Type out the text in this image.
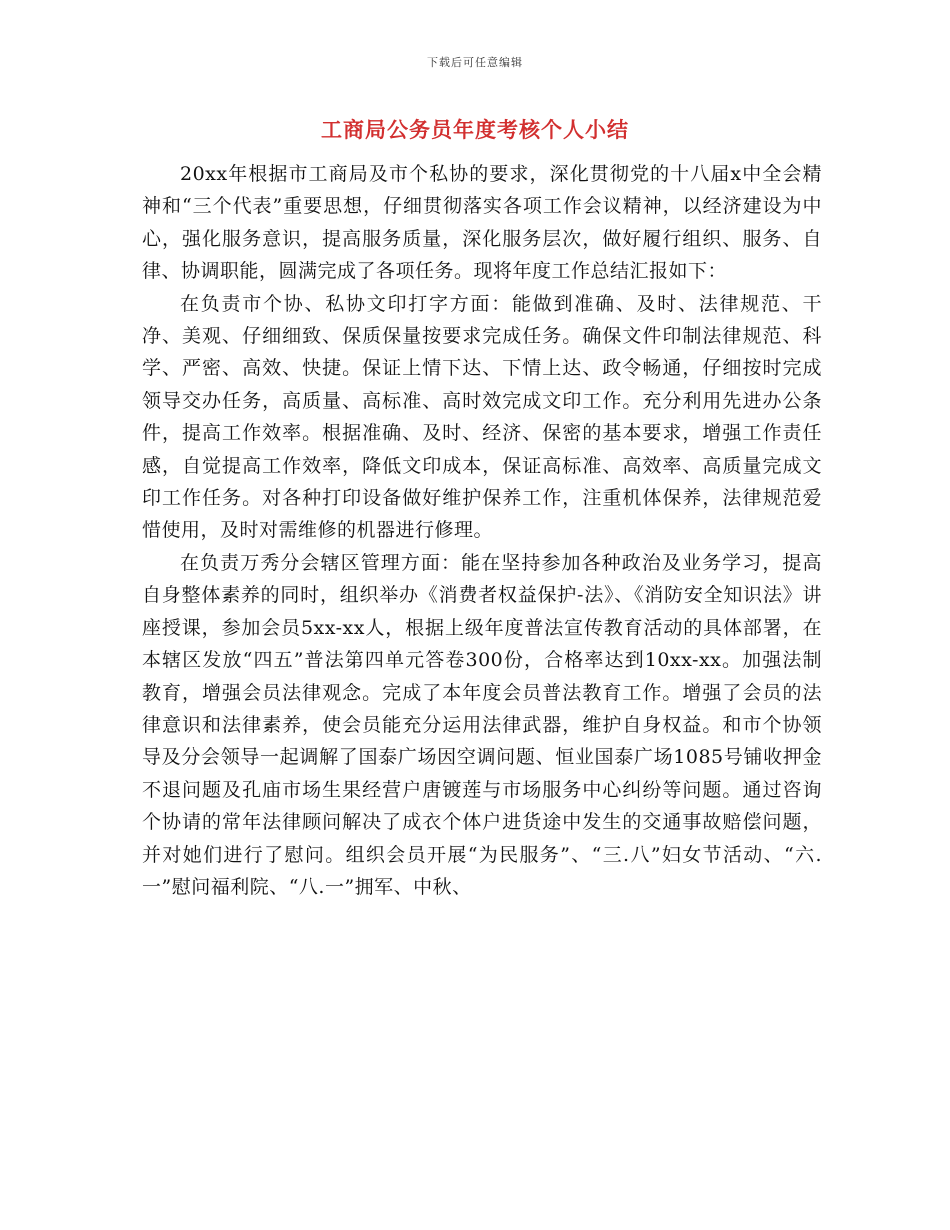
下载后可任意编辑
工商局公务员年度考核个人小结

20xx年根据市工商局及市个私协的要求，深化贯彻党的十八届x中全会精神和“三个代表”重要思想，仔细贯彻落实各项工作会议精神，以经济建设为中心，强化服务意识，提高服务质量，深化服务层次，做好履行组织、服务、自律、协调职能，圆满完成了各项任务。现将年度工作总结汇报如下：

在负责市个协、私协文印打字方面：能做到准确、及时、法律规范、干净、美观、仔细细致、保质保量按要求完成任务。确保文件印制法律规范、科学、严密、高效、快捷。保证上情下达、下情上达、政令畅通，仔细按时完成领导交办任务，高质量、高标准、高时效完成文印工作。充分利用先进办公条件，提高工作效率。根据准确、及时、经济、保密的基本要求，增强工作责任感，自觉提高工作效率，降低文印成本，保证高标准、高效率、高质量完成文印工作任务。对各种打印设备做好维护保养工作，注重机体保养，法律规范爱惜使用，及时对需维修的机器进行修理。

在负责万秀分会辖区管理方面：能在坚持参加各种政治及业务学习，提高自身整体素养的同时，组织举办《消费者权益保护-法》、《消防安全知识法》讲座授课，参加会员5xx-xx人，根据上级年度普法宣传教育活动的具体部署，在本辖区发放“四五”普法第四单元答卷300份，合格率达到10xx-xx。加强法制教育，增强会员法律观念。完成了本年度会员普法教育工作。增强了会员的法律意识和法律素养，使会员能充分运用法律武器，维护自身权益。和市个协领导及分会领导一起调解了国泰广场因空调问题、恒业国泰广场1085号铺收押金不退问题及孔庙市场生果经营户唐镀莲与市场服务中心纠纷等问题。通过咨询个协请的常年法律顾问解决了成衣个体户进货途中发生的交通事故赔偿问题，并对她们进行了慰问。组织会员开展“为民服务”、“三.八”妇女节活动、“六.一”慰问福利院、“八.一”拥军、中秋、
